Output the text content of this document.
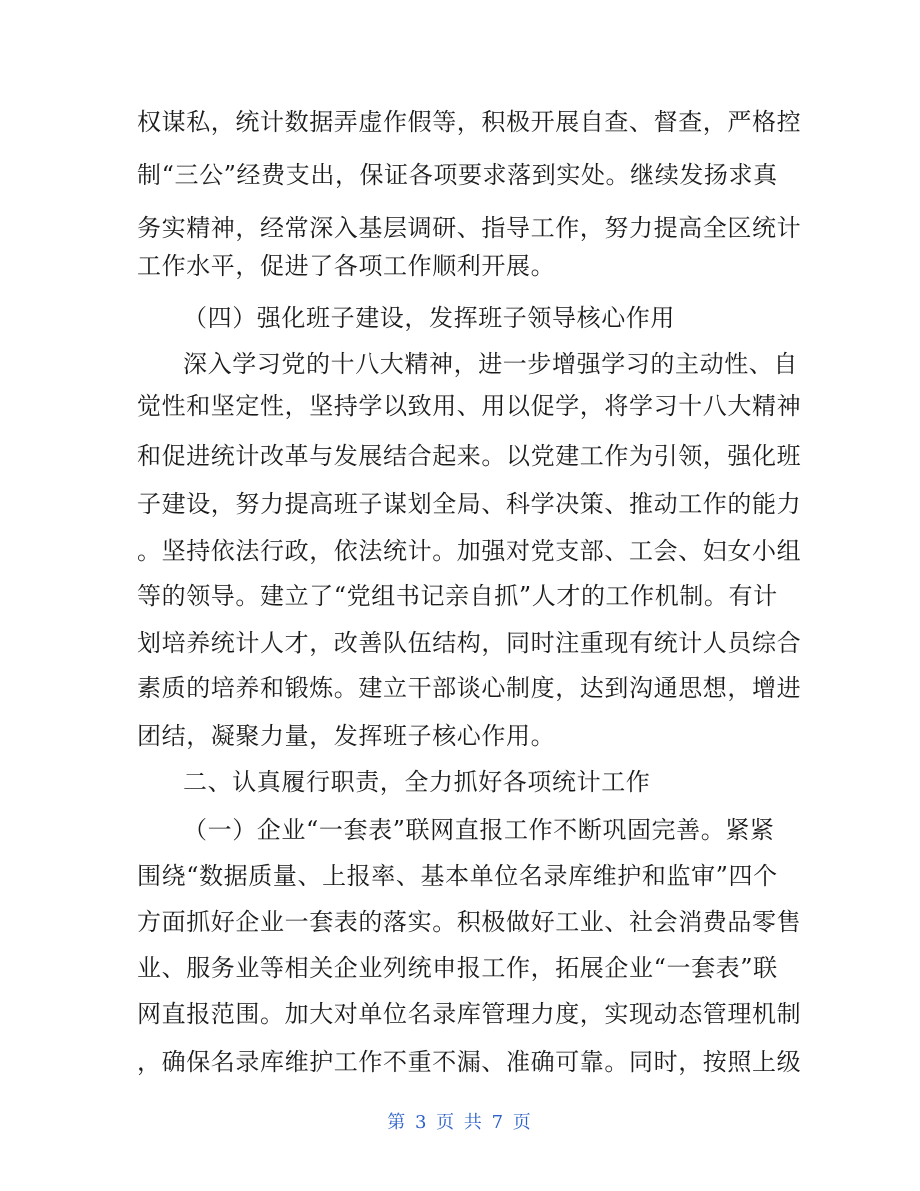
权谋私，统计数据弄虚作假等，积极开展自查、督查，严格控
制“三公”经费支出，保证各项要求落到实处。继续发扬求真
务实精神，经常深入基层调研、指导工作，努力提高全区统计
工作水平，促进了各项工作顺利开展。
（四）强化班子建设，发挥班子领导核心作用
深入学习党的十八大精神，进一步增强学习的主动性、自
觉性和坚定性，坚持学以致用、用以促学，将学习十八大精神
和促进统计改革与发展结合起来。以党建工作为引领，强化班
子建设，努力提高班子谋划全局、科学决策、推动工作的能力
。坚持依法行政，依法统计。加强对党支部、工会、妇女小组
等的领导。建立了“党组书记亲自抓”人才的工作机制。有计
划培养统计人才，改善队伍结构，同时注重现有统计人员综合
素质的培养和锻炼。建立干部谈心制度，达到沟通思想，增进
团结，凝聚力量，发挥班子核心作用。
二、认真履行职责，全力抓好各项统计工作
（一）企业“一套表”联网直报工作不断巩固完善。紧紧
围绕“数据质量、上报率、基本单位名录库维护和监审”四个
方面抓好企业一套表的落实。积极做好工业、社会消费品零售
业、服务业等相关企业列统申报工作，拓展企业“一套表”联
网直报范围。加大对单位名录库管理力度，实现动态管理机制
，确保名录库维护工作不重不漏、准确可靠。同时，按照上级
第 3 页 共 7 页
